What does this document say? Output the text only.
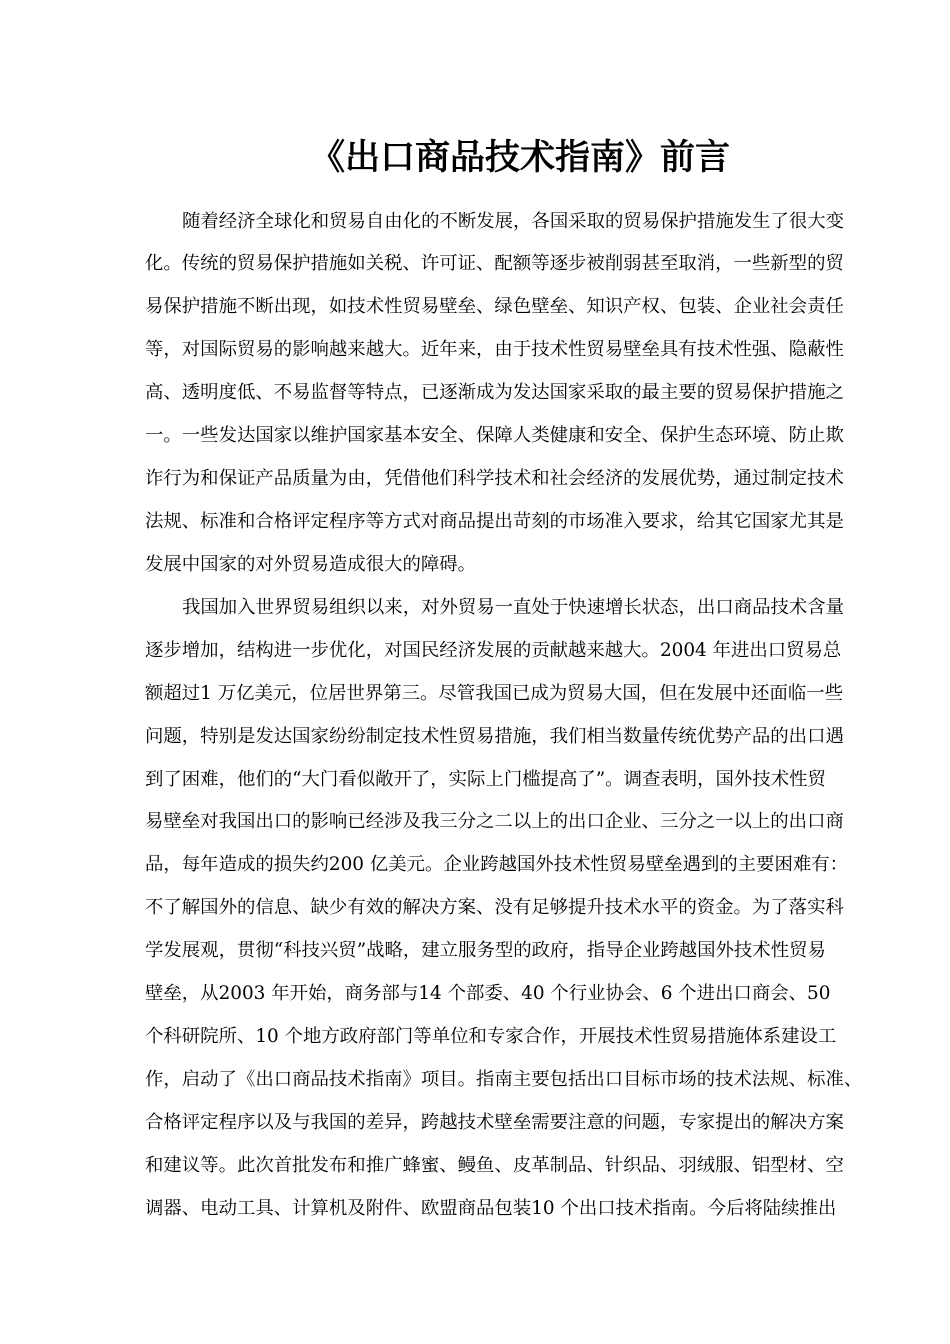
《出口商品技术指南》前言
随着经济全球化和贸易自由化的不断发展，各国采取的贸易保护措施发生了很大变
化。传统的贸易保护措施如关税、许可证、配额等逐步被削弱甚至取消，一些新型的贸
易保护措施不断出现，如技术性贸易壁垒、绿色壁垒、知识产权、包装、企业社会责任
等，对国际贸易的影响越来越大。近年来，由于技术性贸易壁垒具有技术性强、隐蔽性
高、透明度低、不易监督等特点，已逐渐成为发达国家采取的最主要的贸易保护措施之
一。一些发达国家以维护国家基本安全、保障人类健康和安全、保护生态环境、防止欺
诈行为和保证产品质量为由，凭借他们科学技术和社会经济的发展优势，通过制定技术
法规、标准和合格评定程序等方式对商品提出苛刻的市场准入要求，给其它国家尤其是
发展中国家的对外贸易造成很大的障碍。
我国加入世界贸易组织以来，对外贸易一直处于快速增长状态，出口商品技术含量
逐步增加，结构进一步优化，对国民经济发展的贡献越来越大。2004 年进出口贸易总
额超过1 万亿美元，位居世界第三。尽管我国已成为贸易大国，但在发展中还面临一些
问题，特别是发达国家纷纷制定技术性贸易措施，我们相当数量传统优势产品的出口遇
到了困难，他们的“大门看似敞开了，实际上门槛提高了”。调查表明，国外技术性贸
易壁垒对我国出口的影响已经涉及我三分之二以上的出口企业、三分之一以上的出口商
品，每年造成的损失约200 亿美元。企业跨越国外技术性贸易壁垒遇到的主要困难有：
不了解国外的信息、缺少有效的解决方案、没有足够提升技术水平的资金。为了落实科
学发展观，贯彻“科技兴贸”战略，建立服务型的政府，指导企业跨越国外技术性贸易
壁垒，从2003 年开始，商务部与14 个部委、40 个行业协会、6 个进出口商会、50
个科研院所、10 个地方政府部门等单位和专家合作，开展技术性贸易措施体系建设工
作，启动了《出口商品技术指南》项目。指南主要包括出口目标市场的技术法规、标准、
合格评定程序以及与我国的差异，跨越技术壁垒需要注意的问题，专家提出的解决方案
和建议等。此次首批发布和推广蜂蜜、鳗鱼、皮革制品、针织品、羽绒服、铝型材、空
调器、电动工具、计算机及附件、欧盟商品包装10 个出口技术指南。今后将陆续推出
